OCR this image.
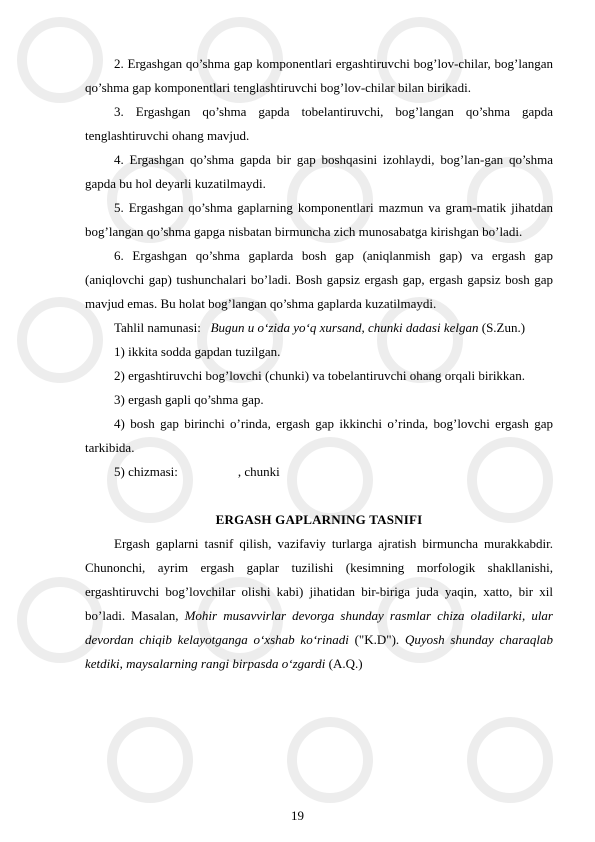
2. Ergashgan qo’shma gap komponentlari ergashtiruvchi bog’lov-chilar, bog’langan qo’shma gap komponentlari tenglashtiruvchi bog’lov-chilar bilan birikadi.

3. Ergashgan qo’shma gapda tobelantiruvchi, bog’langan qo’shma gapda tenglashtiruvchi ohang mavjud.

4. Ergashgan qo’shma gapda bir gap boshqasini izohlaydi, bog’lan-gan qo’shma gapda bu hol deyarli kuzatilmaydi.

5. Ergashgan qo’shma gaplarning komponentlari mazmun va gram-matik jihatdan bog’langan qo’shma gapga nisbatan birmuncha zich munosabatga kirishgan bo’ladi.

6. Ergashgan qo’shma gaplarda bosh gap (aniqlanmish gap) va ergash gap (aniqlovchi gap) tushunchalari bo’ladi. Bosh gapsiz ergash gap, ergash gapsiz bosh gap mavjud emas. Bu holat bog’langan qo’shma gaplarda kuzatilmaydi.

Tahlil namunasi: Bugun u o‘zida yo‘q xursand, chunki dadasi kelgan (S.Zun.)

1) ikkita sodda gapdan tuzilgan.

2) ergashtiruvchi bog’lovchi (chunki) va tobelantiruvchi ohang orqali birikkan.

3) ergash gapli qo’shma gap.

4) bosh gap birinchi o’rinda, ergash gap ikkinchi o’rinda, bog’lovchi ergash gap tarkibida.

5) chizmasi:	, chunki

ERGASH GAPLARNING TASNIFI

Ergash gaplarni tasnif qilish, vazifaviy turlarga ajratish birmuncha murakkabdir. Chunonchi, ayrim ergash gaplar tuzilishi (kesimning morfologik shakllanishi, ergashtiruvchi bog’lovchilar olishi kabi) jihatidan bir-biriga juda yaqin, xatto, bir xil bo’ladi. Masalan, Mohir musavvirlar devorga shunday rasmlar chiza oladilarki, ular devordan chiqib kelayotganga o‘xshab ko‘rinadi ("K.D"). Quyosh shunday charaqlab ketdiki, maysalarning rangi birpasda o‘zgardi (A.Q.)

19
